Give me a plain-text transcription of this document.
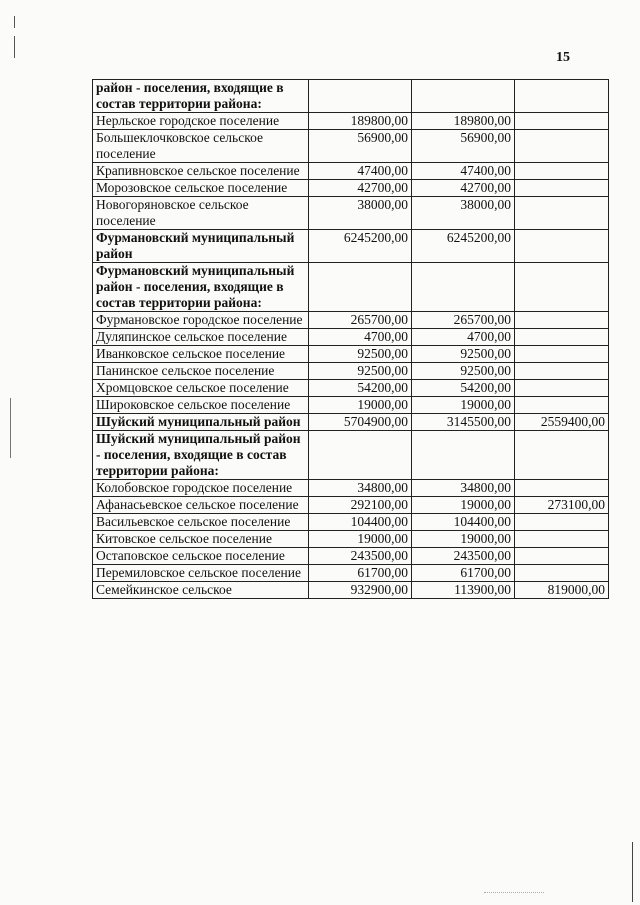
15
район - поселения, входящие в состав территории района:			
Нерльское городское поселение	189800,00	189800,00	
Большеклочковское сельское поселение	56900,00	56900,00	
Крапивновское сельское поселение	47400,00	47400,00	
Морозовское сельское поселение	42700,00	42700,00	
Новогоряновское сельское поселение	38000,00	38000,00	
Фурмановский муниципальный район	6245200,00	6245200,00	
Фурмановский муниципальный район - поселения, входящие в состав территории района:			
Фурмановское городское поселение	265700,00	265700,00	
Дуляпинское сельское поселение	4700,00	4700,00	
Иванковское сельское поселение	92500,00	92500,00	
Панинское сельское поселение	92500,00	92500,00	
Хромцовское сельское поселение	54200,00	54200,00	
Широковское сельское поселение	19000,00	19000,00	
Шуйский муниципальный район	5704900,00	3145500,00	2559400,00
Шуйский муниципальный район - поселения, входящие в состав территории района:			
Колобовское городское поселение	34800,00	34800,00	
Афанасьевское сельское поселение	292100,00	19000,00	273100,00
Васильевское сельское поселение	104400,00	104400,00	
Китовское сельское поселение	19000,00	19000,00	
Остаповское сельское поселение	243500,00	243500,00	
Перемиловское сельское поселение	61700,00	61700,00	
Семейкинское сельское	932900,00	113900,00	819000,00
